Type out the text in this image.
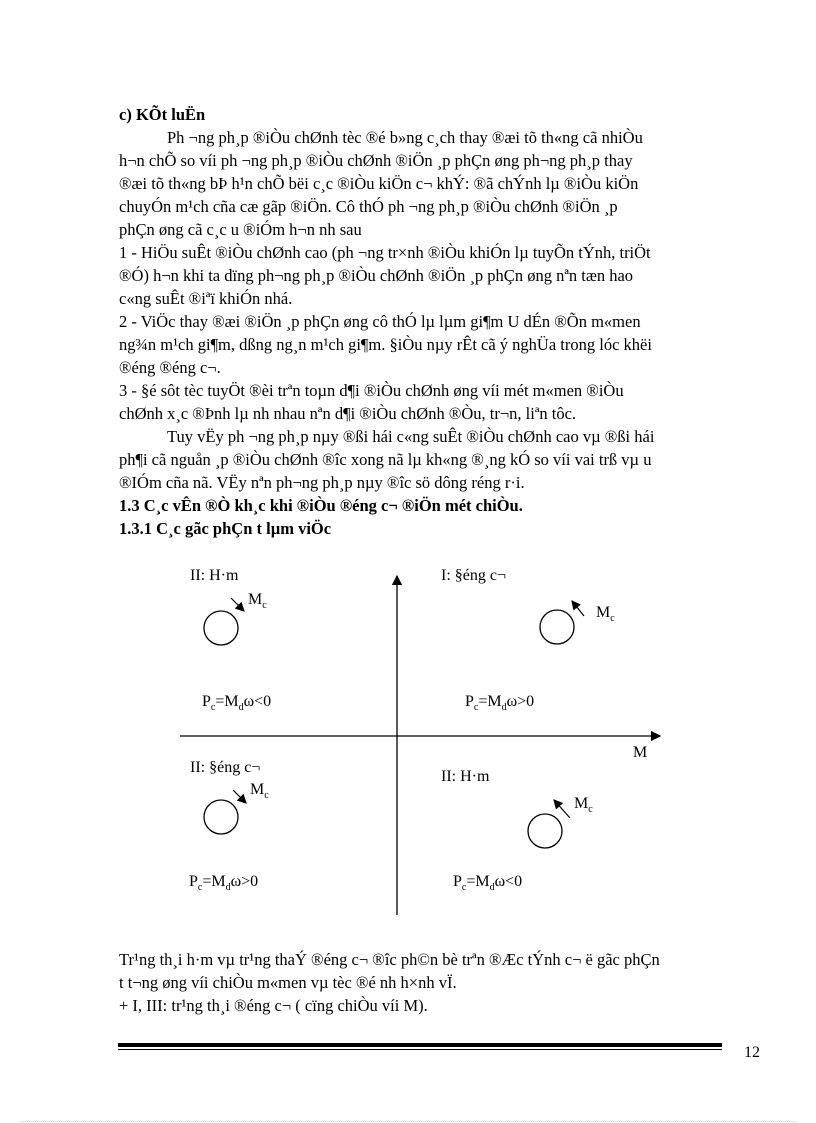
c) KÕt luËn
Ph ¬ng ph¸p ®iÒu chØnh tèc ®é b»ng c¸ch thay ®æi tõ th«ng cã nhiÒu
h¬n chÕ so víi ph ¬ng ph¸p ®iÒu chØnh ®iÖn ¸p phÇn øng ph¬ng ph¸p thay
®æi tõ th«ng bÞ h¹n chÕ bëi c¸c ®iÒu kiÖn c¬ khÝ: ®ã chÝnh lµ ®iÒu kiÖn
chuyÓn m¹ch cña cæ gãp ®iÖn. Cô thÓ ph ¬ng ph¸p ®iÒu chØnh ®iÖn ¸p
phÇn øng cã c¸c u ®iÓm h¬n nh sau
1 - HiÖu suÊt ®iÒu chØnh cao (ph ¬ng tr×nh ®iÒu khiÓn lµ tuyÕn tÝnh, triÖt
®Ó) h¬n khi ta dïng ph¬ng ph¸p ®iÒu chØnh ®iÖn ¸p phÇn øng nªn tæn hao
c«ng suÊt ®iªï khiÓn nhá.
2 - ViÖc thay ®æi ®iÖn ¸p phÇn øng cô thÓ lµ lµm gi¶m U dÉn ®Õn m«men
ng¾n m¹ch gi¶m, dßng ng¸n m¹ch gi¶m. §iÒu nµy rÊt cã ý nghÜa trong lóc khëi
®éng ®éng c¬.
3 - §é sôt tèc tuyÖt ®èi trªn toµn d¶i ®iÒu chØnh øng víi mét m«men ®iÒu
chØnh x¸c ®Þnh lµ nh nhau nªn d¶i ®iÒu chØnh ®Òu, tr¬n, liªn tôc.
Tuy vËy ph ¬ng ph¸p nµy ®ßi hái c«ng suÊt ®iÒu chØnh cao vµ ®ßi hái
ph¶i cã nguån ¸p ®iÒu chØnh ®îc xong nã lµ kh«ng ®¸ng kÓ so víi vai trß vµ u
®IÓm cña nã. VËy nªn ph¬ng ph¸p nµy ®îc sö dông réng r·i.
1.3 C¸c vÊn ®Ò kh¸c khi ®iÒu ®éng c¬ ®iÖn mét chiÒu.
1.3.1 C¸c gãc phÇn t lµm viÖc
II: H·m
$M_c$
$P_c=M_d\omega<0$
I: §éng c¬
$M_c$
$P_c=M_d\omega>0$
M
II: §éng c¬
$M_c$
$P_c=M_d\omega>0$
II: H·m
$M_c$
$P_c=M_d\omega<0$
Tr¹ng th¸i h·m vµ tr¹ng thaÝ ®éng c¬ ®îc ph©n bè trªn ®Æc tÝnh c¬ ë gãc phÇn
t t¬ng øng víi chiÒu m«men vµ tèc ®é nh h×nh vÏ.
+ I, III: tr¹ng th¸i ®éng c¬ ( cïng chiÒu víi M).
12
